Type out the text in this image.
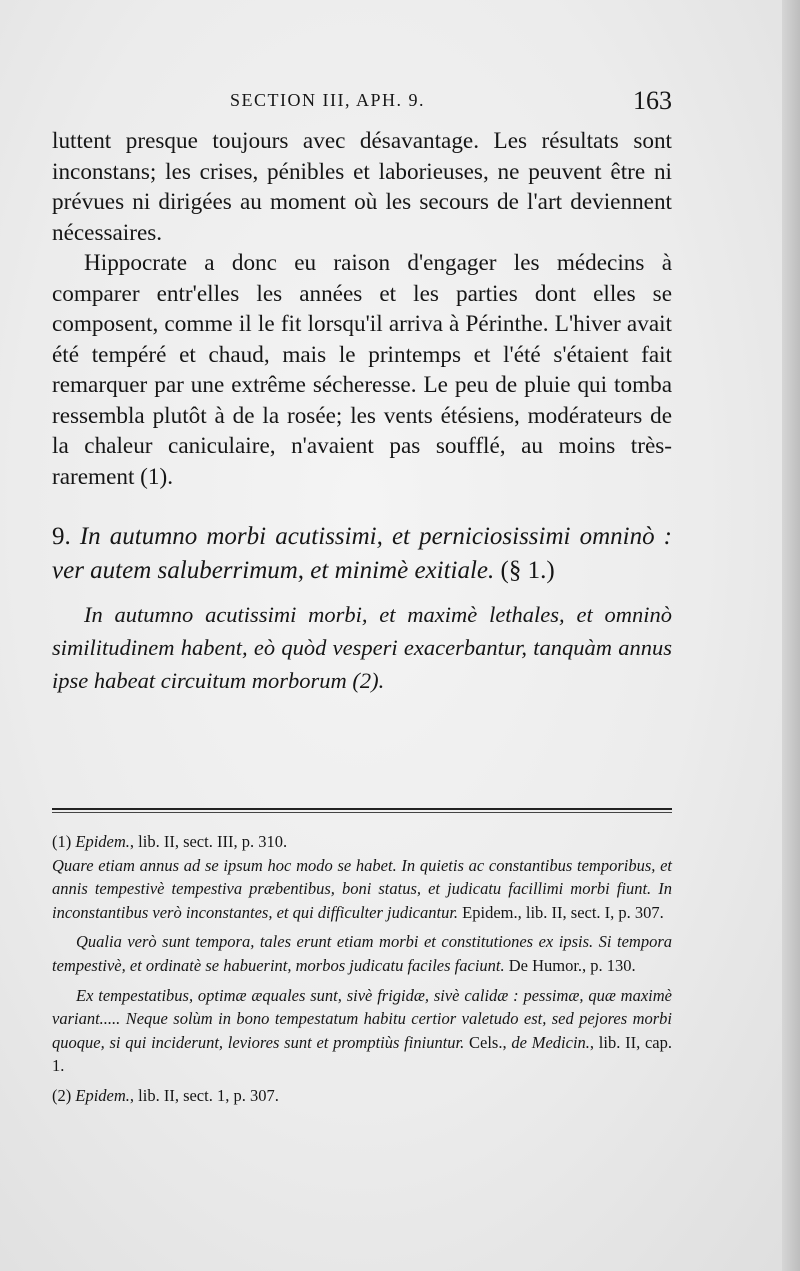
SECTION III, APH. 9.	163

luttent presque toujours avec désavantage. Les résultats sont inconstans; les crises, pénibles et laborieuses, ne peuvent être ni prévues ni dirigées au moment où les secours de l'art deviennent nécessaires.

Hippocrate a donc eu raison d'engager les médecins à comparer entr'elles les années et les parties dont elles se composent, comme il le fit lorsqu'il arriva à Périnthe. L'hiver avait été tempéré et chaud, mais le printemps et l'été s'étaient fait remarquer par une extrême sécheresse. Le peu de pluie qui tomba ressembla plutôt à de la rosée; les vents étésiens, modérateurs de la chaleur caniculaire, n'avaient pas soufflé, au moins très-rarement (1).

9. In autumno morbi acutissimi, et perniciosissimi omninò : ver autem saluberrimum, et minimè exitiale. (§ 1.)

In autumno acutissimi morbi, et maximè lethales, et omninò similitudinem habent, eò quòd vesperi exacerbantur, tanquàm annus ipse habeat circuitum morborum (2).

(1) Epidem., lib. II, sect. III, p. 310.
Quare etiam annus ad se ipsum hoc modo se habet. In quietis ac constantibus temporibus, et annis tempestivè tempestiva præbentibus, boni status, et judicatu facillimi morbi fiunt. In inconstantibus verò inconstantes, et qui difficulter judicantur. Epidem., lib. II, sect. I, p. 307.

Qualia verò sunt tempora, tales erunt etiam morbi et constitutiones ex ipsis. Si tempora tempestivè, et ordinatè se habuerint, morbos judicatu faciles faciunt. De Humor., p. 130.

Ex tempestatibus, optimæ æquales sunt, sivè frigidæ, sivè calidæ : pessimæ, quæ maximè variant..... Neque solùm in bono tempestatum habitu certior valetudo est, sed pejores morbi quoque, si qui inciderunt, leviores sunt et promptiùs finiuntur. Cels., de Medicin., lib. II, cap. 1.

(2) Epidem., lib. II, sect. 1, p. 307.
